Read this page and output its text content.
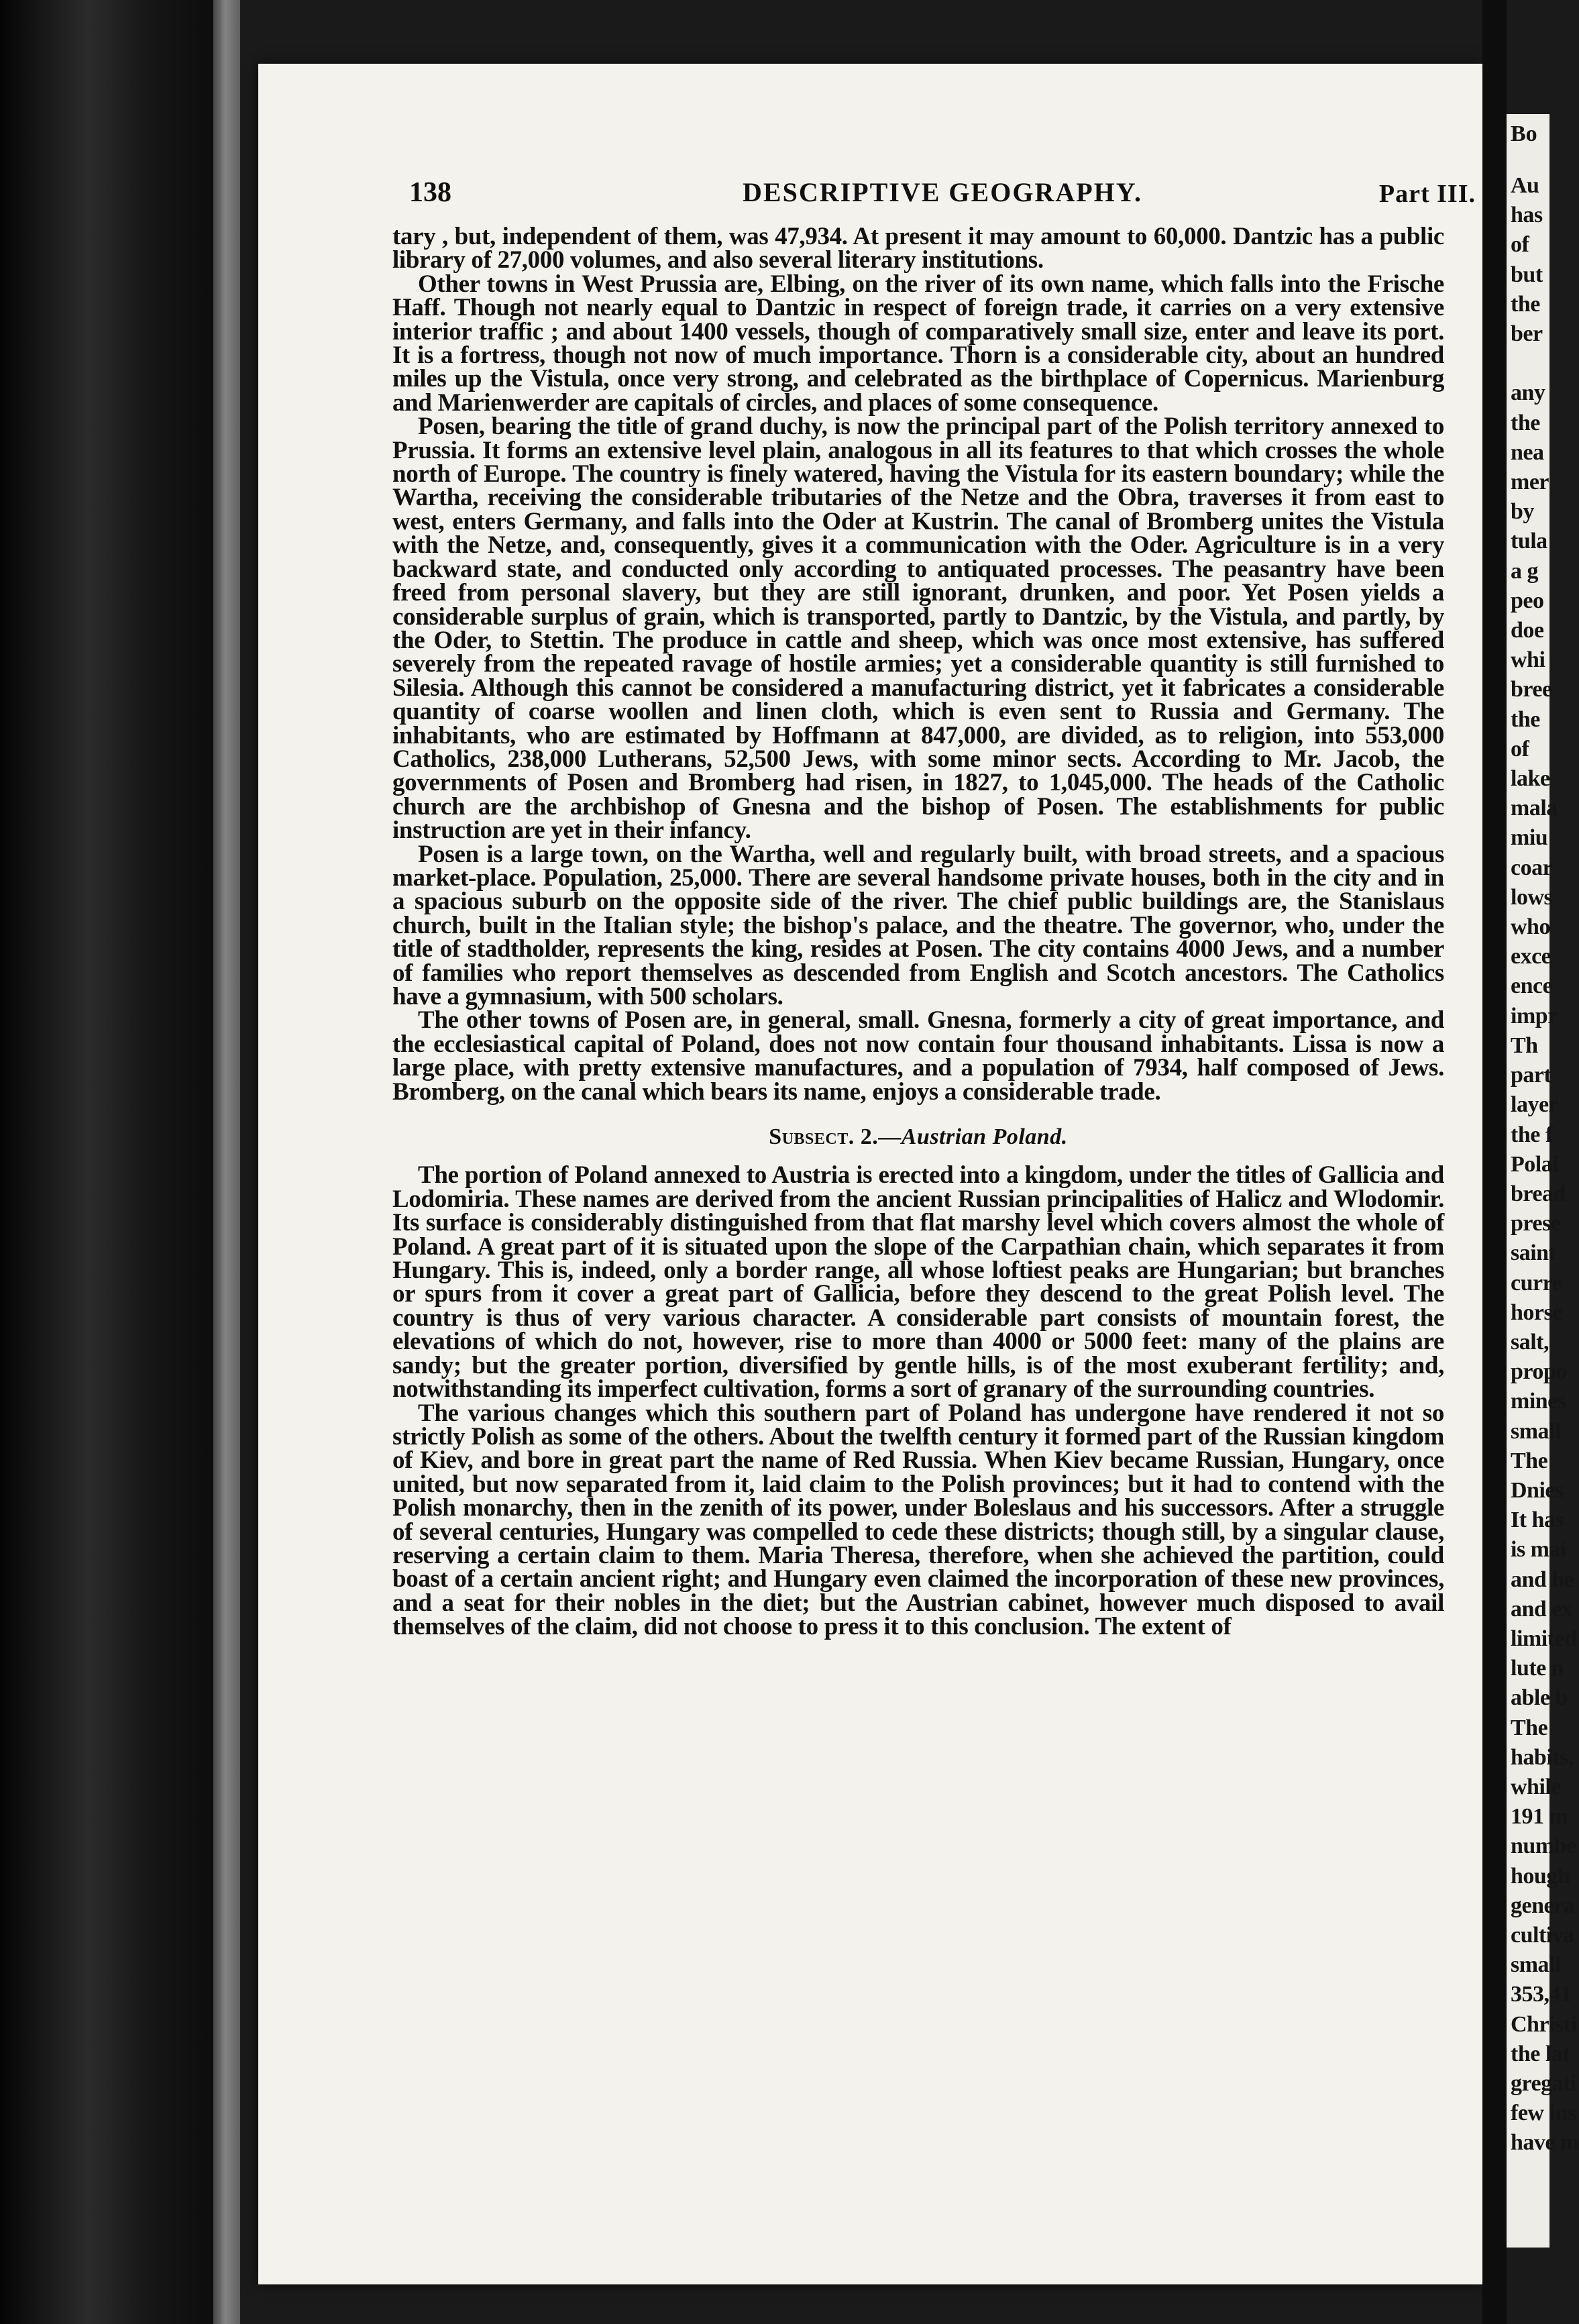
138	DESCRIPTIVE GEOGRAPHY.	Part III.

tary , but, independent of them, was 47,934. At present it may amount to 60,000. Dantzic has a public library of 27,000 volumes, and also several literary institutions.

Other towns in West Prussia are, Elbing, on the river of its own name, which falls into the Frische Haff. Though not nearly equal to Dantzic in respect of foreign trade, it carries on a very extensive interior traffic ; and about 1400 vessels, though of comparatively small size, enter and leave its port. It is a fortress, though not now of much importance. Thorn is a considerable city, about an hundred miles up the Vistula, once very strong, and celebrated as the birthplace of Copernicus. Marienburg and Marienwerder are capitals of circles, and places of some consequence.

Posen, bearing the title of grand duchy, is now the principal part of the Polish territory annexed to Prussia. It forms an extensive level plain, analogous in all its features to that which crosses the whole north of Europe. The country is finely watered, having the Vistula for its eastern boundary; while the Wartha, receiving the considerable tributaries of the Netze and the Obra, traverses it from east to west, enters Germany, and falls into the Oder at Kustrin. The canal of Bromberg unites the Vistula with the Netze, and, consequently, gives it a communication with the Oder. Agriculture is in a very backward state, and conducted only according to antiquated processes. The peasantry have been freed from personal slavery, but they are still ignorant, drunken, and poor. Yet Posen yields a considerable surplus of grain, which is transported, partly to Dantzic, by the Vistula, and partly, by the Oder, to Stettin. The produce in cattle and sheep, which was once most extensive, has suffered severely from the repeated ravage of hostile armies; yet a considerable quantity is still furnished to Silesia. Although this cannot be considered a manufacturing district, yet it fabricates a considerable quantity of coarse woollen and linen cloth, which is even sent to Russia and Germany. The inhabitants, who are estimated by Hoffmann at 847,000, are divided, as to religion, into 553,000 Catholics, 238,000 Lutherans, 52,500 Jews, with some minor sects. According to Mr. Jacob, the governments of Posen and Bromberg had risen, in 1827, to 1,045,000. The heads of the Catholic church are the archbishop of Gnesna and the bishop of Posen. The establishments for public instruction are yet in their infancy.

Posen is a large town, on the Wartha, well and regularly built, with broad streets, and a spacious market-place. Population, 25,000. There are several handsome private houses, both in the city and in a spacious suburb on the opposite side of the river. The chief public buildings are, the Stanislaus church, built in the Italian style; the bishop's palace, and the theatre. The governor, who, under the title of stadtholder, represents the king, resides at Posen. The city contains 4000 Jews, and a number of families who report themselves as descended from English and Scotch ancestors. The Catholics have a gymnasium, with 500 scholars.

The other towns of Posen are, in general, small. Gnesna, formerly a city of great importance, and the ecclesiastical capital of Poland, does not now contain four thousand inhabitants. Lissa is now a large place, with pretty extensive manufactures, and a population of 7934, half composed of Jews. Bromberg, on the canal which bears its name, enjoys a considerable trade.

Subsect. 2.—Austrian Poland.

The portion of Poland annexed to Austria is erected into a kingdom, under the titles of Gallicia and Lodomiria. These names are derived from the ancient Russian principalities of Halicz and Wlodomir. Its surface is considerably distinguished from that flat marshy level which covers almost the whole of Poland. A great part of it is situated upon the slope of the Carpathian chain, which separates it from Hungary. This is, indeed, only a border range, all whose loftiest peaks are Hungarian; but branches or spurs from it cover a great part of Gallicia, before they descend to the great Polish level. The country is thus of very various character. A considerable part consists of mountain forest, the elevations of which do not, however, rise to more than 4000 or 5000 feet: many of the plains are sandy; but the greater portion, diversified by gentle hills, is of the most exuberant fertility; and, notwithstanding its imperfect cultivation, forms a sort of granary of the surrounding countries.

The various changes which this southern part of Poland has undergone have rendered it not so strictly Polish as some of the others. About the twelfth century it formed part of the Russian kingdom of Kiev, and bore in great part the name of Red Russia. When Kiev became Russian, Hungary, once united, but now separated from it, laid claim to the Polish provinces; but it had to contend with the Polish monarchy, then in the zenith of its power, under Boleslaus and his successors. After a struggle of several centuries, Hungary was compelled to cede these districts; though still, by a singular clause, reserving a certain claim to them. Maria Theresa, therefore, when she achieved the partition, could boast of a certain ancient right; and Hungary even claimed the incorporation of these new provinces, and a seat for their nobles in the diet; but the Austrian cabinet, however much disposed to avail themselves of the claim, did not choose to press it to this conclusion. The extent of

Bo
Au
has
of
but
the
ber

any
the
nea
mer
by
tula
a g
peo
doe
whi
bree
the
of
lake
mala
miu
coar
lows
who
exce
ence
impr
Th
part
layer
the f
Polai
bread
prese
saint
curre
horse
salt,
propo
mines
small
The
Dnies
It has
is mai
and he
and ex
limited
lute n
able b
The
habits,
while
191 m
numbe
hough
genera
cultiva
small
353,41
Christi
the lat
gregati
few ins
have m
